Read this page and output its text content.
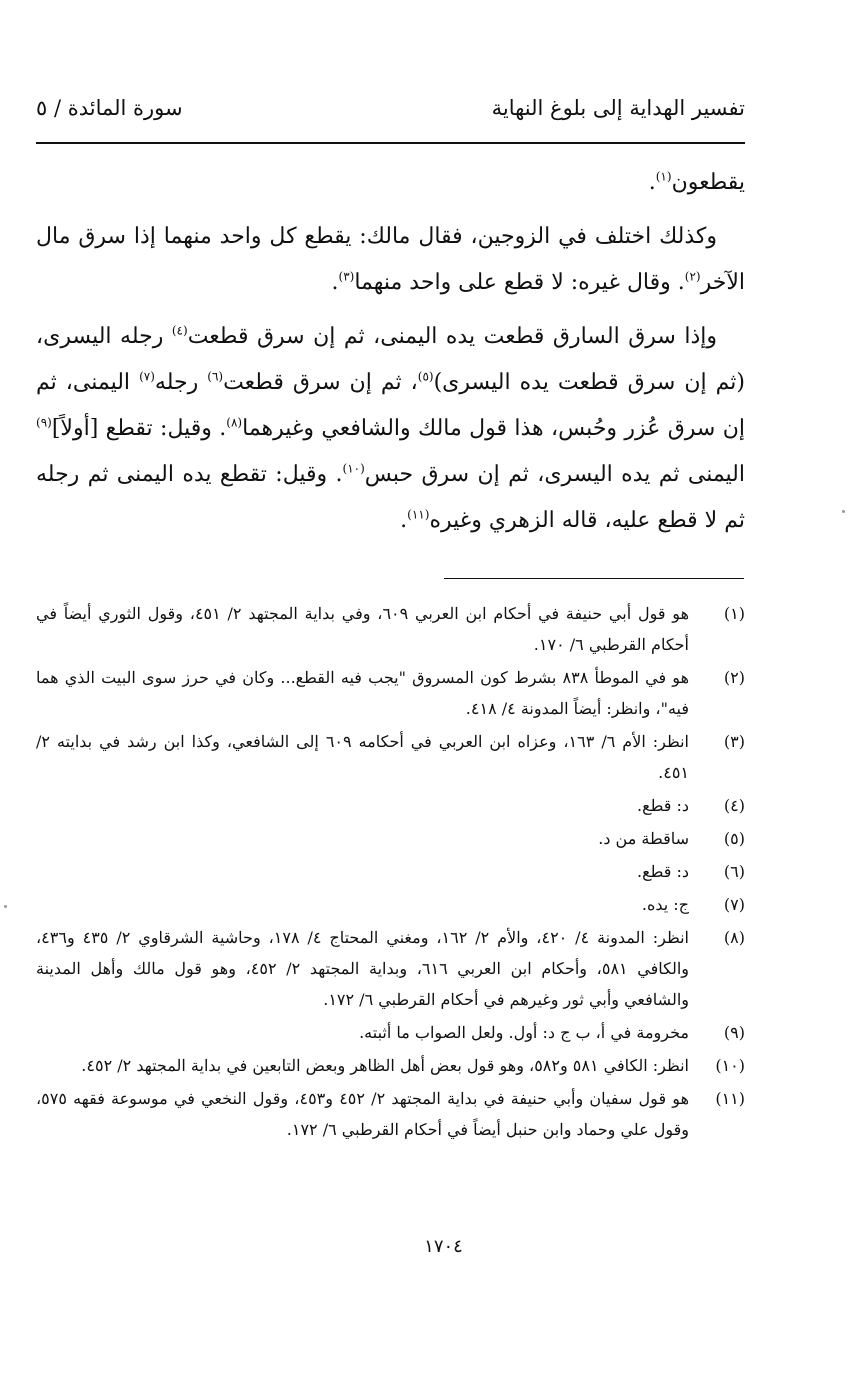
تفسير الهداية إلى بلوغ النهاية
سورة المائدة / ٥

يقطعون$^{(١)}$.

وكذلك اختلف في الزوجين، فقال مالك: يقطع كل واحد منهما إذا سرق مال الآخر$^{(٢)}$. وقال غيره: لا قطع على واحد منهما$^{(٣)}$.

وإذا سرق السارق قطعت يده اليمنى، ثم إن سرق قطعت$^{(٤)}$ رجله اليسرى، (ثم إن سرق قطعت يده اليسرى)$^{(٥)}$، ثم إن سرق قطعت$^{(٦)}$ رجله$^{(٧)}$ اليمنى، ثم إن سرق عُزر وحُبس، هذا قول مالك والشافعي وغيرهما$^{(٨)}$. وقيل: تقطع [أولاً]$^{(٩)}$ اليمنى ثم يده اليسرى، ثم إن سرق حبس$^{(١٠)}$. وقيل: تقطع يده اليمنى ثم رجله ثم لا قطع عليه، قاله الزهري وغيره$^{(١١)}$.

(١)
هو قول أبي حنيفة في أحكام ابن العربي ٦٠٩، وفي بداية المجتهد ٢/ ٤٥١، وقول الثوري أيضاً في أحكام القرطبي ٦/ ١٧٠.
(٢)
هو في الموطأ ٨٣٨ بشرط كون المسروق "يجب فيه القطع... وكان في حرز سوى البيت الذي هما فيه"، وانظر: أيضاً المدونة ٤/ ٤١٨.
(٣)
انظر: الأم ٦/ ١٦٣، وعزاه ابن العربي في أحكامه ٦٠٩ إلى الشافعي، وكذا ابن رشد في بدايته ٢/ ٤٥١.
(٤)
د: قطع.
(٥)
ساقطة من د.
(٦)
د: قطع.
(٧)
ج: يده.
(٨)
انظر: المدونة ٤/ ٤٢٠، والأم ٢/ ١٦٢، ومغني المحتاج ٤/ ١٧٨، وحاشية الشرقاوي ٢/ ٤٣٥ و٤٣٦، والكافي ٥٨١، وأحكام ابن العربي ٦١٦، وبداية المجتهد ٢/ ٤٥٢، وهو قول مالك وأهل المدينة والشافعي وأبي ثور وغيرهم في أحكام القرطبي ٦/ ١٧٢.
(٩)
مخرومة في أ، ب ج د: أول. ولعل الصواب ما أثبته.
(١٠)
انظر: الكافي ٥٨١ و٥٨٢، وهو قول بعض أهل الظاهر وبعض التابعين في بداية المجتهد ٢/ ٤٥٢.
(١١)
هو قول سفيان وأبي حنيفة في بداية المجتهد ٢/ ٤٥٢ و٤٥٣، وقول النخعي في موسوعة فقهه ٥٧٥، وقول علي وحماد وابن حنبل أيضاً في أحكام القرطبي ٦/ ١٧٢.
١٧٠٤
